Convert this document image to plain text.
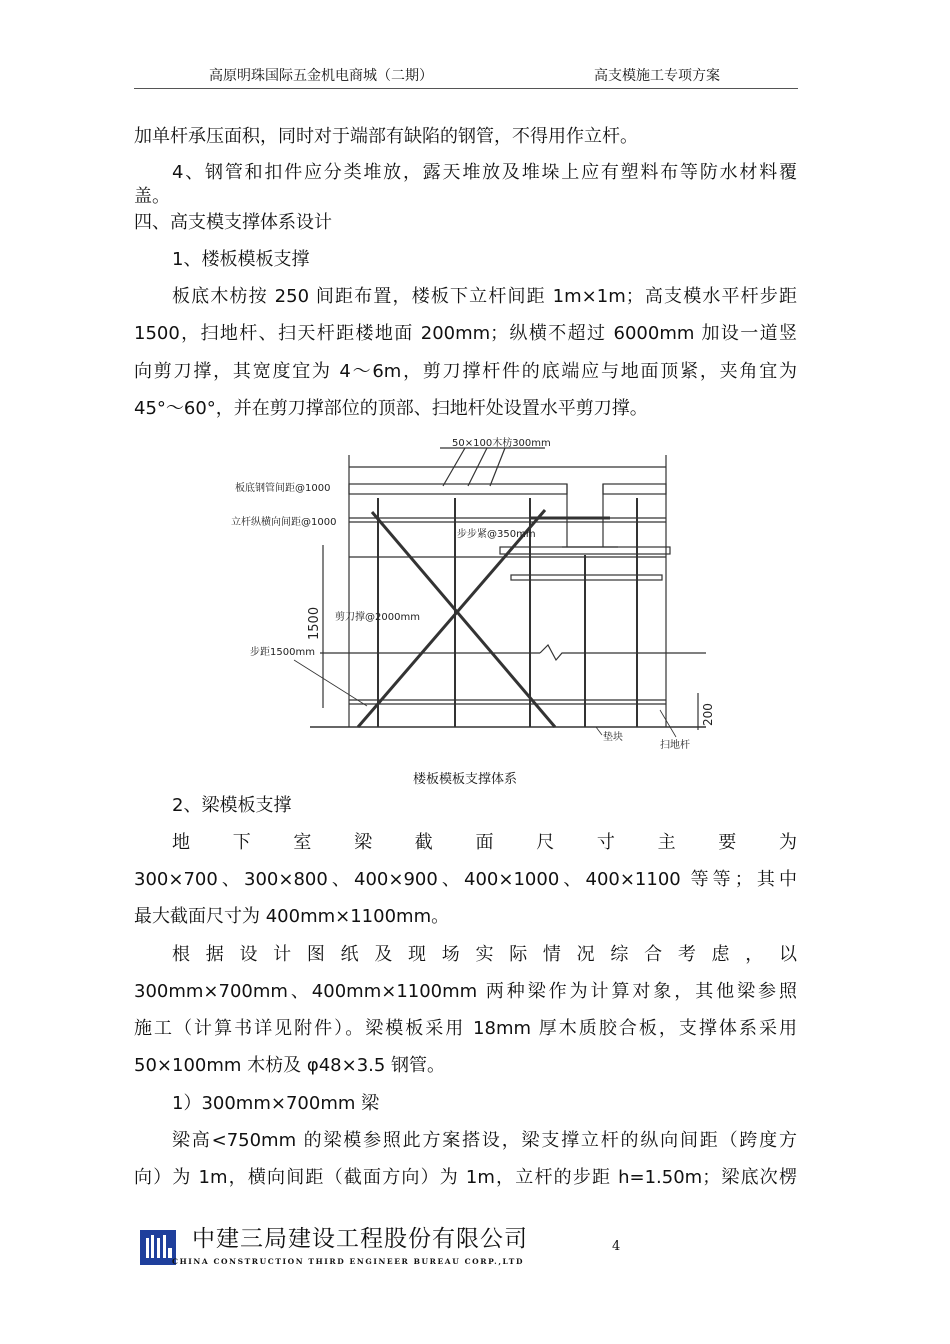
高原明珠国际五金机电商城（二期）	高支模施工专项方案
加单杆承压面积，同时对于端部有缺陷的钢管，不得用作立杆。
4、钢管和扣件应分类堆放，露天堆放及堆垛上应有塑料布等防水材料覆
盖。
四、高支模支撑体系设计
1、楼板模板支撑
板底木枋按 250 间距布置，楼板下立杆间距 1m×1m；高支模水平杆步距
1500，扫地杆、扫天杆距楼地面 200mm；纵横不超过 6000mm 加设一道竖
向剪刀撑，其宽度宜为 4～6m，剪刀撑杆件的底端应与地面顶紧，夹角宜为
45°～60°，并在剪刀撑部位的顶部、扫地杆处设置水平剪刀撑。
50×100木枋300mm
板底钢管间距@1000
立杆纵横向间距@1000
步步紧@350mm
剪刀撑@2000mm
步距1500mm
1500
垫块
扫地杆
200
楼板模板支撑体系
2、梁模板支撑
地 下 室 梁 截 面 尺 寸 主 要 为
300×700、300×800、400×900、400×1000、400×1100 等等；其中
最大截面尺寸为 400mm×1100mm。
根 据 设 计 图 纸 及 现 场 实 际 情 况 综 合 考 虑 ， 以
300mm×700mm、400mm×1100mm 两种梁作为计算对象，其他梁参照
施工（计算书详见附件）。梁模板采用 18mm 厚木质胶合板，支撑体系采用
50×100mm 木枋及 φ48×3.5 钢管。
1）300mm×700mm 梁
梁高<750mm 的梁模参照此方案搭设，梁支撑立杆的纵向间距（跨度方
向）为 1m，横向间距（截面方向）为 1m，立杆的步距 h=1.50m；梁底次楞
中建三局建设工程股份有限公司
CHINA CONSTRUCTION THIRD ENGINEER BUREAU CORP.,LTD
4
